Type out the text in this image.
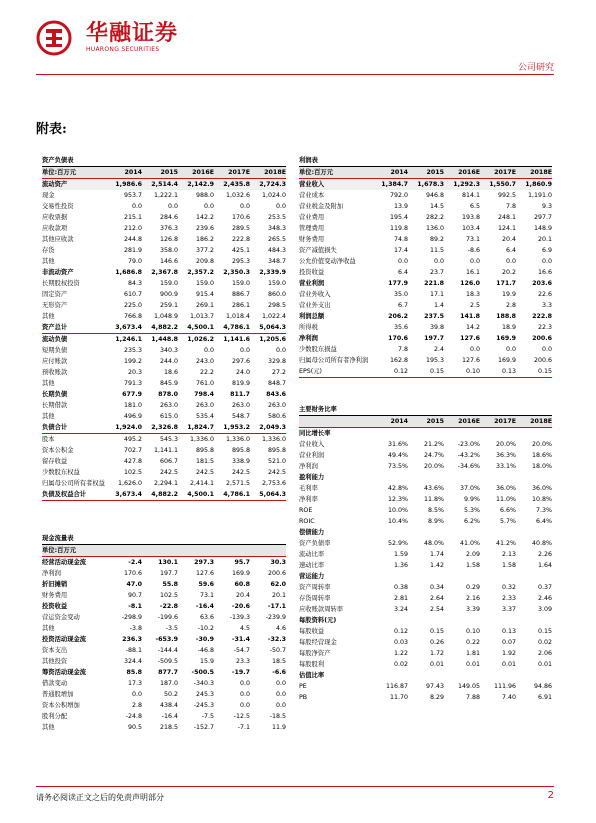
华融证券
HUARONG SECURITIES
公司研究
附表:
资产负债表
单位:百万元	2014	2015	2016E	2017E	2018E
流动资产	1,986.6	2,514.4	2,142.9	2,435.8	2,724.3
现金	953.7	1,222.1	988.0	1,032.6	1,024.0
交易性投资	0.0	0.0	0.0	0.0	0.0
应收票据	215.1	284.6	142.2	170.6	253.5
应收款项	212.0	376.3	239.6	289.5	348.3
其他应收款	244.8	126.8	186.2	222.8	265.5
存货	281.9	358.0	377.2	425.1	484.3
其他	79.0	146.6	209.8	295.3	348.7
非流动资产	1,686.8	2,367.8	2,357.2	2,350.3	2,339.9
长期股权投资	84.3	159.0	159.0	159.0	159.0
固定资产	610.7	900.9	915.4	886.7	860.0
无形资产	225.0	259.1	269.1	286.1	298.5
其他	766.8	1,048.9	1,013.7	1,018.4	1,022.4
资产总计	3,673.4	4,882.2	4,500.1	4,786.1	5,064.3
流动负债	1,246.1	1,448.8	1,026.2	1,141.6	1,205.6
短期负债	235.3	340.3	0.0	0.0	0.0
应付账款	199.2	244.0	243.0	297.6	329.8
预收账款	20.3	18.6	22.2	24.0	27.2
其他	791.3	845.9	761.0	819.9	848.7
长期负债	677.9	878.0	798.4	811.7	843.6
长期借款	181.0	263.0	263.0	263.0	263.0
其他	496.9	615.0	535.4	548.7	580.6
负债合计	1,924.0	2,326.8	1,824.7	1,953.2	2,049.3
股本	495.2	545.3	1,336.0	1,336.0	1,336.0
资本公积金	702.7	1,141.1	895.8	895.8	895.8
留存收益	427.8	606.7	181.5	338.9	521.0
少数股东权益	102.5	242.5	242.5	242.5	242.5
归属母公司所有者权益	1,626.0	2,294.1	2,414.1	2,571.5	2,753.6
负债及权益合计	3,673.4	4,882.2	4,500.1	4,786.1	5,064.3
利润表
单位:百万元	2014	2015	2016E	2017E	2018E
营业收入	1,384.7	1,678.3	1,292.3	1,550.7	1,860.9
营业成本	792.0	946.8	814.1	992.5	1,191.0
营业税金及附加	13.9	14.5	6.5	7.8	9.3
营业费用	195.4	282.2	193.8	248.1	297.7
管理费用	119.8	136.0	103.4	124.1	148.9
财务费用	74.8	89.2	73.1	20.4	20.1
资产减值损失	17.4	11.5	-8.6	6.4	6.9
公允价值变动净收益	0.0	0.0	0.0	0.0	0.0
投资收益	6.4	23.7	16.1	20.2	16.6
营业利润	177.9	221.8	126.0	171.7	203.6
营业外收入	35.0	17.1	18.3	19.9	22.6
营业外支出	6.7	1.4	2.5	2.8	3.3
利润总额	206.2	237.5	141.8	188.8	222.8
所得税	35.6	39.8	14.2	18.9	22.3
净利润	170.6	197.7	127.6	169.9	200.6
少数股东损益	7.8	2.4	0.0	0.0	0.0
归属母公司所有者净利润	162.8	195.3	127.6	169.9	200.6
EPS(元)	0.12	0.15	0.10	0.13	0.15
主要财务比率
2014	2015	2016E	2017E	2018E
同比增长率
营业收入	31.6%	21.2%	-23.0%	20.0%	20.0%
营业利润	49.4%	24.7%	-43.2%	36.3%	18.6%
净利润	73.5%	20.0%	-34.6%	33.1%	18.0%
盈利能力
毛利率	42.8%	43.6%	37.0%	36.0%	36.0%
净利率	12.3%	11.8%	9.9%	11.0%	10.8%
ROE	10.0%	8.5%	5.3%	6.6%	7.3%
ROIC	10.4%	8.9%	6.2%	5.7%	6.4%
偿债能力
资产负债率	52.9%	48.0%	41.0%	41.2%	40.8%
流动比率	1.59	1.74	2.09	2.13	2.26
速动比率	1.36	1.42	1.58	1.58	1.64
营运能力
资产周转率	0.38	0.34	0.29	0.32	0.37
存货周转率	2.81	2.64	2.16	2.33	2.46
应收账款周转率	3.24	2.54	3.39	3.37	3.09
每股资料(元)
每股收益	0.12	0.15	0.10	0.13	0.15
每股经营现金	0.03	0.26	0.22	0.07	0.02
每股净资产	1.22	1.72	1.81	1.92	2.06
每股股利	0.02	0.01	0.01	0.01	0.01
估值比率
PE	116.87	97.43	149.05	111.96	94.86
PB	11.70	8.29	7.88	7.40	6.91
现金流量表
单位:百万元
经营活动现金流	-2.4	130.1	297.3	95.7	30.3
净利润	170.6	197.7	127.6	169.9	200.6
折旧摊销	47.0	55.8	59.6	60.8	62.0
财务费用	90.7	102.5	73.1	20.4	20.1
投资收益	-8.1	-22.8	-16.4	-20.6	-17.1
营运资金变动	-298.9	-199.6	63.6	-139.3	-239.9
其他	-3.8	-3.5	-10.2	4.5	4.6
投资活动现金流	236.3	-653.9	-30.9	-31.4	-32.3
资本支出	-88.1	-144.4	-46.8	-54.7	-50.7
其他投资	324.4	-509.5	15.9	23.3	18.5
筹资活动现金流	85.8	877.7	-500.5	-19.7	-6.6
借款变动	17.3	187.0	-340.3	0.0	0.0
普通股增加	0.0	50.2	245.3	0.0	0.0
资本公积增加	2.8	438.4	-245.3	0.0	0.0
股利分配	-24.8	-16.4	-7.5	-12.5	-18.5
其他	90.5	218.5	-152.7	-7.1	11.9
请务必阅读正文之后的免责声明部分	2
